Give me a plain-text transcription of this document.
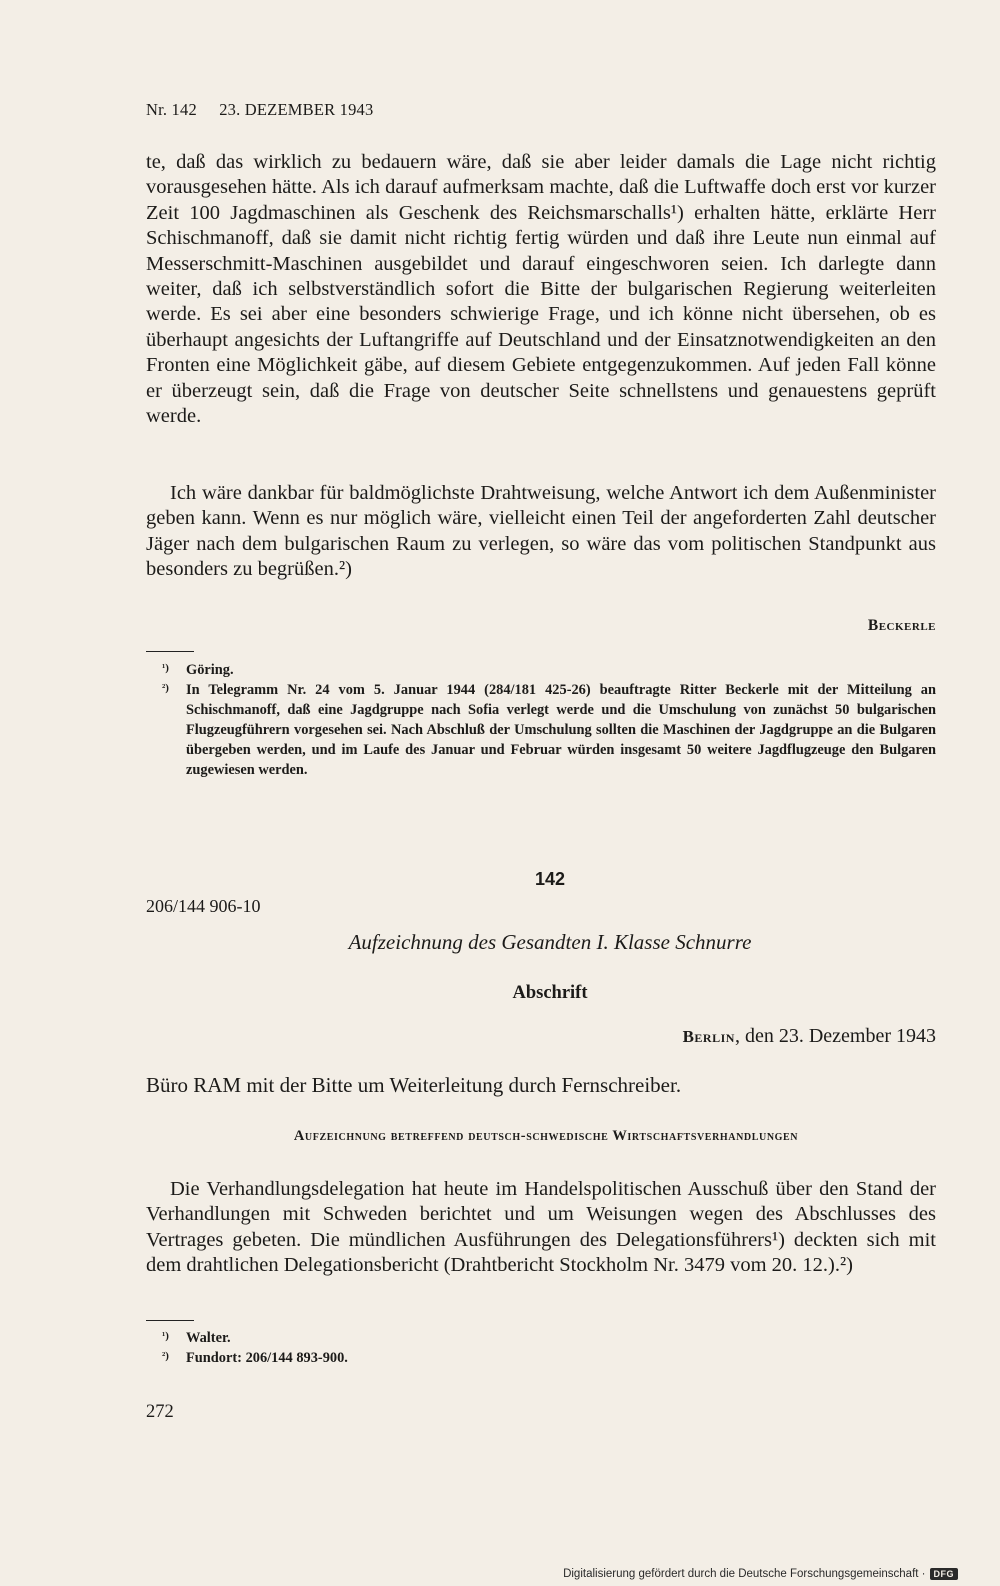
Nr. 142 23. DEZEMBER 1943

te, daß das wirklich zu bedauern wäre, daß sie aber leider damals die Lage nicht richtig vorausgesehen hätte. Als ich darauf aufmerksam machte, daß die Luftwaffe doch erst vor kurzer Zeit 100 Jagdmaschinen als Geschenk des Reichsmarschalls¹) erhalten hätte, erklärte Herr Schischmanoff, daß sie damit nicht richtig fertig würden und daß ihre Leute nun einmal auf Messerschmitt-Maschinen ausgebildet und darauf eingeschworen seien. Ich darlegte dann weiter, daß ich selbstverständlich sofort die Bitte der bulgarischen Regierung weiterleiten werde. Es sei aber eine besonders schwierige Frage, und ich könne nicht übersehen, ob es überhaupt angesichts der Luftangriffe auf Deutschland und der Einsatznotwendigkeiten an den Fronten eine Möglichkeit gäbe, auf diesem Gebiete entgegenzukommen. Auf jeden Fall könne er überzeugt sein, daß die Frage von deutscher Seite schnellstens und genauestens geprüft werde.

Ich wäre dankbar für baldmöglichste Drahtweisung, welche Antwort ich dem Außenminister geben kann. Wenn es nur möglich wäre, vielleicht einen Teil der angeforderten Zahl deutscher Jäger nach dem bulgarischen Raum zu verlegen, so wäre das vom politischen Standpunkt aus besonders zu begrüßen.²)

Beckerle
¹)	Göring.
²)	In Telegramm Nr. 24 vom 5. Januar 1944 (284/181 425-26) beauftragte Ritter Beckerle mit der Mitteilung an Schischmanoff, daß eine Jagdgruppe nach Sofia verlegt werde und die Umschulung von zunächst 50 bulgarischen Flugzeugführern vorgesehen sei. Nach Abschluß der Umschulung sollten die Maschinen der Jagdgruppe an die Bulgaren übergeben werden, und im Laufe des Januar und Februar würden insgesamt 50 weitere Jagdflugzeuge den Bulgaren zugewiesen werden.
142
206/144 906-10
Aufzeichnung des Gesandten I. Klasse Schnurre
Abschrift
Berlin, den 23. Dezember 1943
Büro RAM mit der Bitte um Weiterleitung durch Fernschreiber.
Aufzeichnung betreffend deutsch-schwedische Wirtschaftsverhandlungen

Die Verhandlungsdelegation hat heute im Handelspolitischen Ausschuß über den Stand der Verhandlungen mit Schweden berichtet und um Weisungen wegen des Abschlusses des Vertrages gebeten. Die mündlichen Ausführungen des Delegationsführers¹) deckten sich mit dem drahtlichen Delegationsbericht (Drahtbericht Stockholm Nr. 3479 vom 20. 12.).²)

¹)	Walter.
²)	Fundort: 206/144 893-900.
272
Digitalisierung gefördert durch die Deutsche Forschungsgemeinschaft · DFG
